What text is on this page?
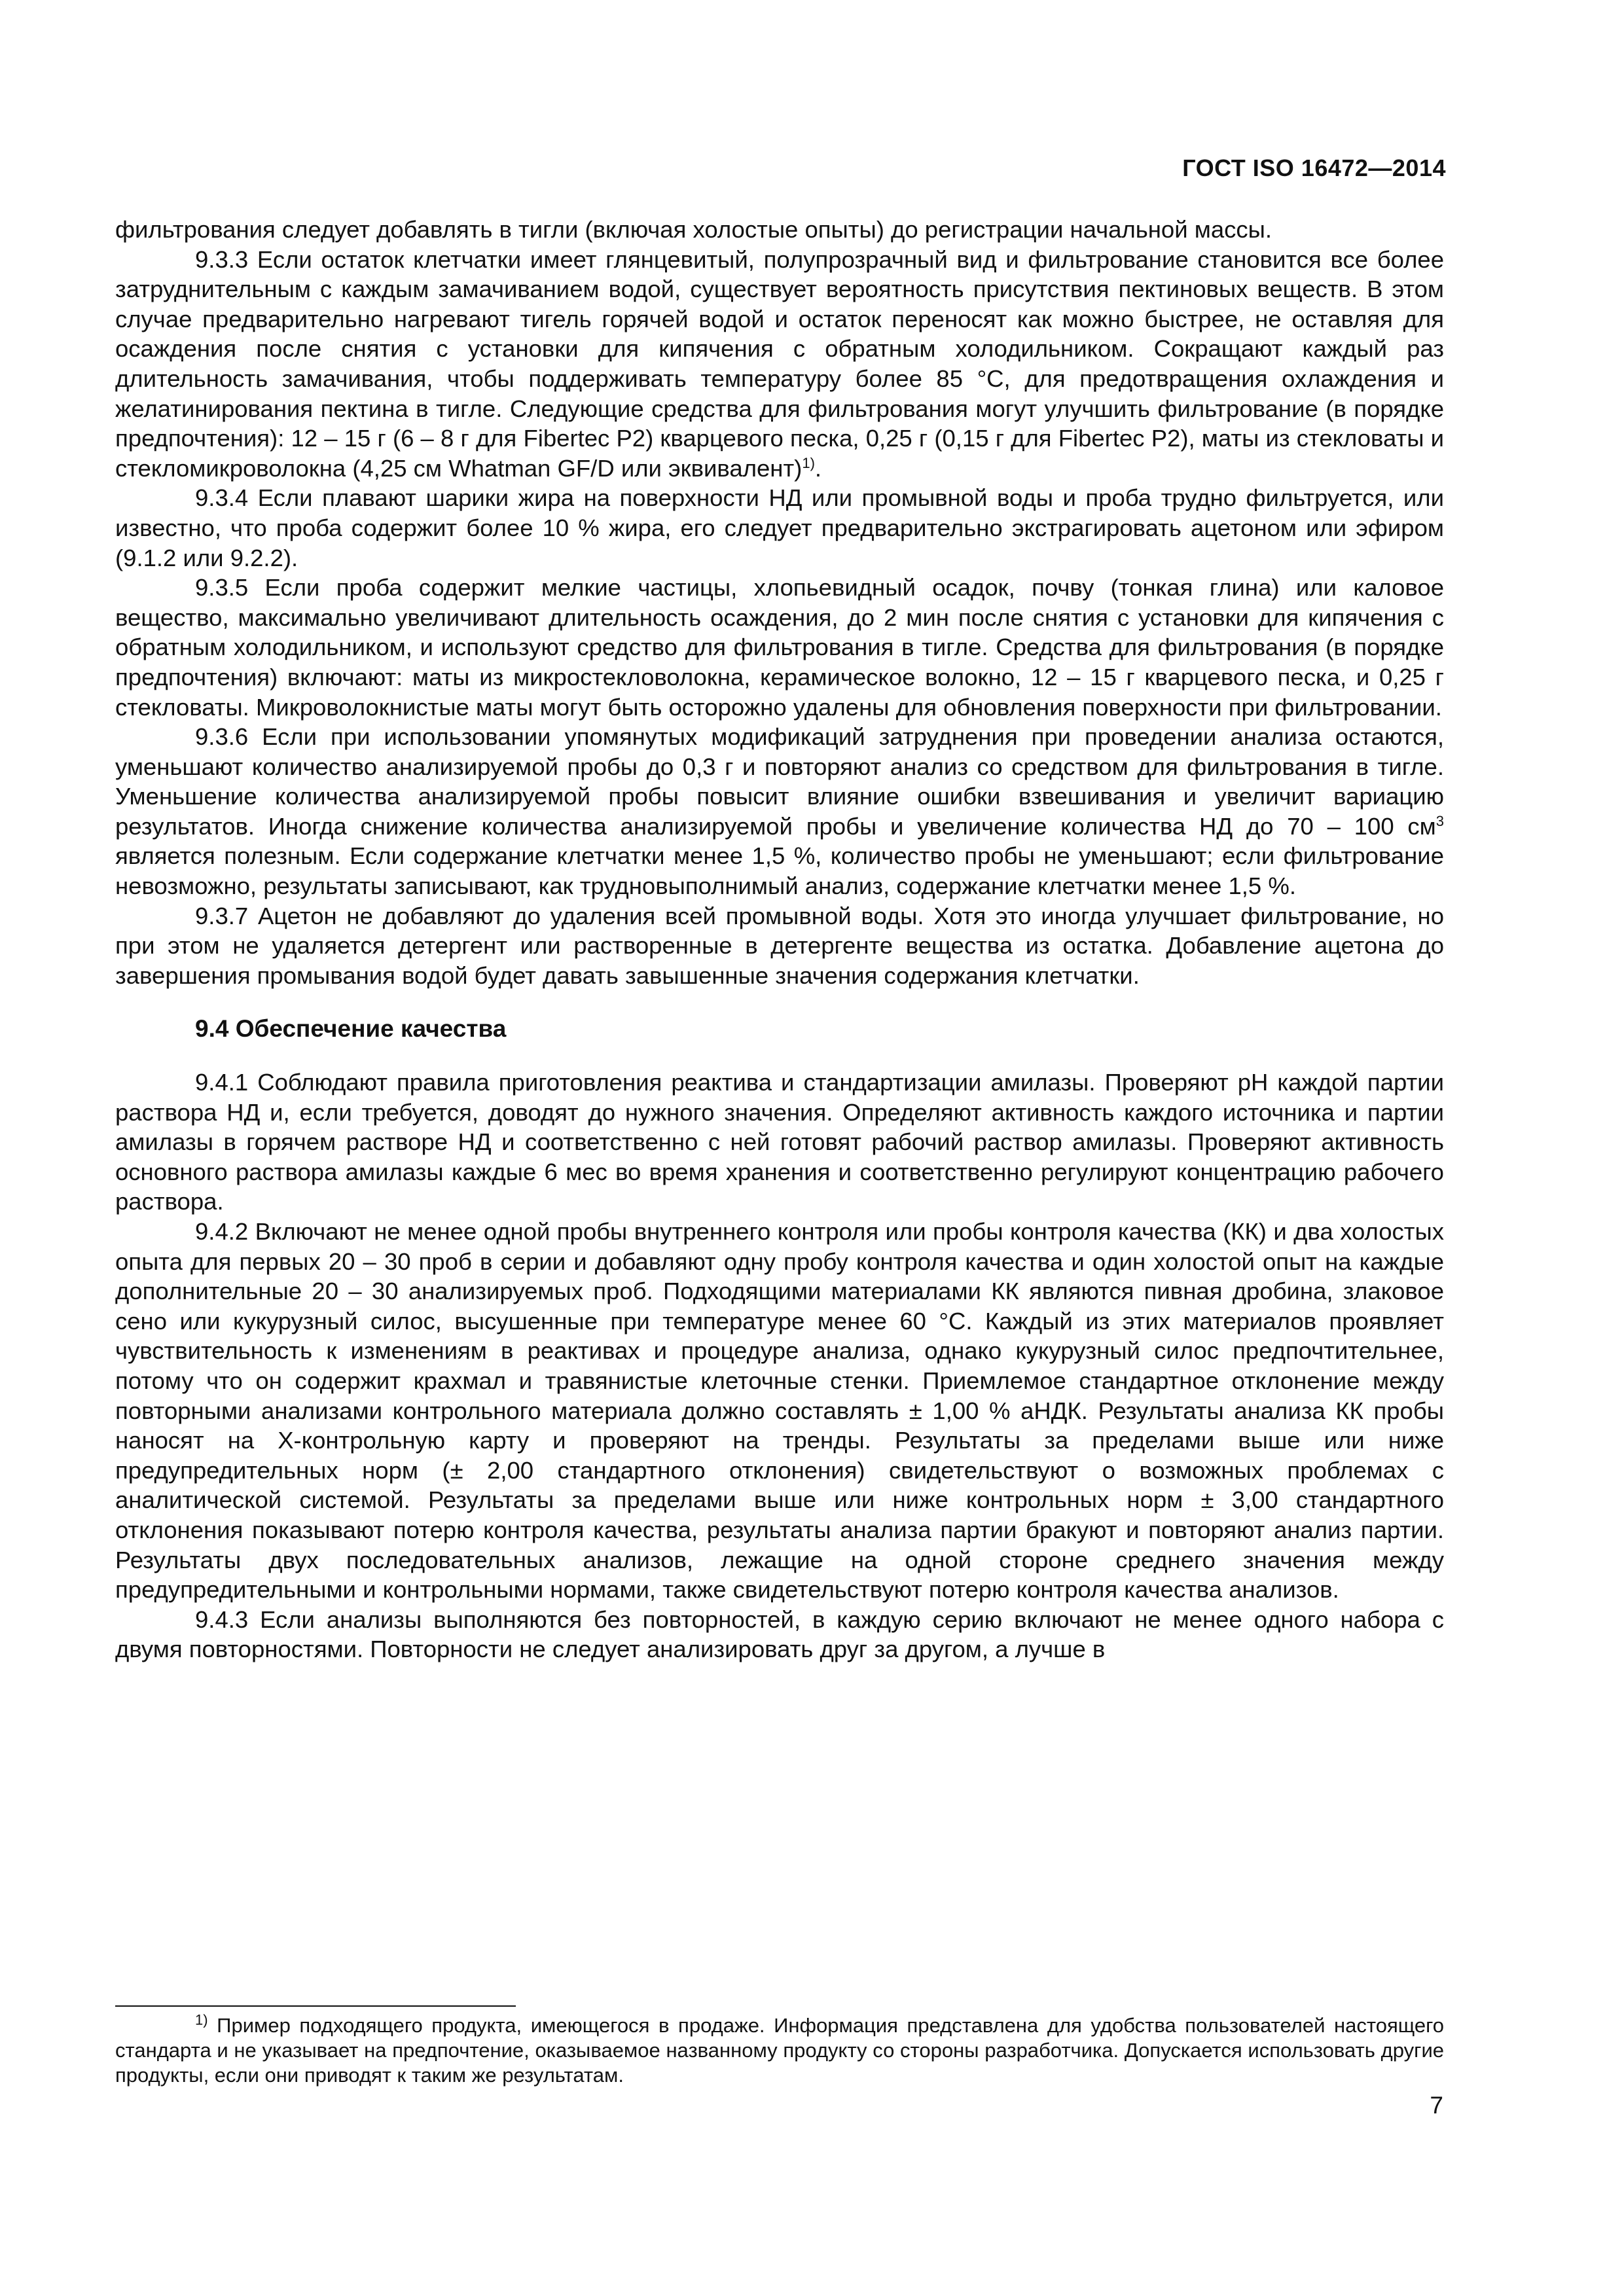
ГОСТ ISO 16472—2014

фильтрования следует добавлять в тигли (включая холостые опыты) до регистрации начальной массы.

9.3.3 Если остаток клетчатки имеет глянцевитый, полупрозрачный вид и фильтрование становится все более затруднительным с каждым замачиванием водой, существует вероятность присутствия пектиновых веществ. В этом случае предварительно нагревают тигель горячей водой и остаток переносят как можно быстрее, не оставляя для осаждения после снятия с установки для кипячения с обратным холодильником. Сокращают каждый раз длительность замачивания, чтобы поддерживать температуру более 85 °С, для предотвращения охлаждения и желатинирования пектина в тигле. Следующие средства для фильтрования могут улучшить фильтрование (в порядке предпочтения): 12 – 15 г (6 – 8 г для Fibertec P2) кварцевого песка, 0,25 г (0,15 г для Fibertec P2), маты из стекловаты и стекломикроволокна (4,25 см Whatman GF/D или эквивалент)$^{1)}$.

9.3.4 Если плавают шарики жира на поверхности НД или промывной воды и проба трудно фильтруется, или известно, что проба содержит более 10 % жира, его следует предварительно экстрагировать ацетоном или эфиром (9.1.2 или 9.2.2).

9.3.5 Если проба содержит мелкие частицы, хлопьевидный осадок, почву (тонкая глина) или каловое вещество, максимально увеличивают длительность осаждения, до 2 мин после снятия с установки для кипячения с обратным холодильником, и используют средство для фильтрования в тигле. Средства для фильтрования (в порядке предпочтения) включают: маты из микростекловолокна, керамическое волокно, 12 – 15 г кварцевого песка, и 0,25 г стекловаты. Микроволокнистые маты могут быть осторожно удалены для обновления поверхности при фильтровании.

9.3.6 Если при использовании упомянутых модификаций затруднения при проведении анализа остаются, уменьшают количество анализируемой пробы до 0,3 г и повторяют анализ со средством для фильтрования в тигле. Уменьшение количества анализируемой пробы повысит влияние ошибки взвешивания и увеличит вариацию результатов. Иногда снижение количества анализируемой пробы и увеличение количества НД до 70 – 100 $см^3$ является полезным. Если содержание клетчатки менее 1,5 %, количество пробы не уменьшают; если фильтрование невозможно, результаты записывают, как трудновыполнимый анализ, содержание клетчатки менее 1,5 %.

9.3.7 Ацетон не добавляют до удаления всей промывной воды. Хотя это иногда улучшает фильтрование, но при этом не удаляется детергент или растворенные в детергенте вещества из остатка. Добавление ацетона до завершения промывания водой будет давать завышенные значения содержания клетчатки.

9.4 Обеспечение качества

9.4.1 Соблюдают правила приготовления реактива и стандартизации амилазы. Проверяют pH каждой партии раствора НД и, если требуется, доводят до нужного значения. Определяют активность каждого источника и партии амилазы в горячем растворе НД и соответственно с ней готовят рабочий раствор амилазы. Проверяют активность основного раствора амилазы каждые 6 мес во время хранения и соответственно регулируют концентрацию рабочего раствора.

9.4.2 Включают не менее одной пробы внутреннего контроля или пробы контроля качества (КК) и два холостых опыта для первых 20 – 30 проб в серии и добавляют одну пробу контроля качества и один холостой опыт на каждые дополнительные 20 – 30 анализируемых проб. Подходящими материалами КК являются пивная дробина, злаковое сено или кукурузный силос, высушенные при температуре менее 60 °С. Каждый из этих материалов проявляет чувствительность к изменениям в реактивах и процедуре анализа, однако кукурузный силос предпочтительнее, потому что он содержит крахмал и травянистые клеточные стенки. Приемлемое стандартное отклонение между повторными анализами контрольного материала должно составлять ± 1,00 % аНДК. Результаты анализа КК пробы наносят на Х-контрольную карту и проверяют на тренды. Результаты за пределами выше или ниже предупредительных норм (± 2,00 стандартного отклонения) свидетельствуют о возможных проблемах с аналитической системой. Результаты за пределами выше или ниже контрольных норм ± 3,00 стандартного отклонения показывают потерю контроля качества, результаты анализа партии бракуют и повторяют анализ партии. Результаты двух последовательных анализов, лежащие на одной стороне среднего значения между предупредительными и контрольными нормами, также свидетельствуют потерю контроля качества анализов.

9.4.3 Если анализы выполняются без повторностей, в каждую серию включают не менее одного набора с двумя повторностями. Повторности не следует анализировать друг за другом, а лучше в

$^{1)}$ Пример подходящего продукта, имеющегося в продаже. Информация представлена для удобства пользователей настоящего стандарта и не указывает на предпочтение, оказываемое названному продукту со стороны разработчика. Допускается использовать другие продукты, если они приводят к таким же результатам.

7
